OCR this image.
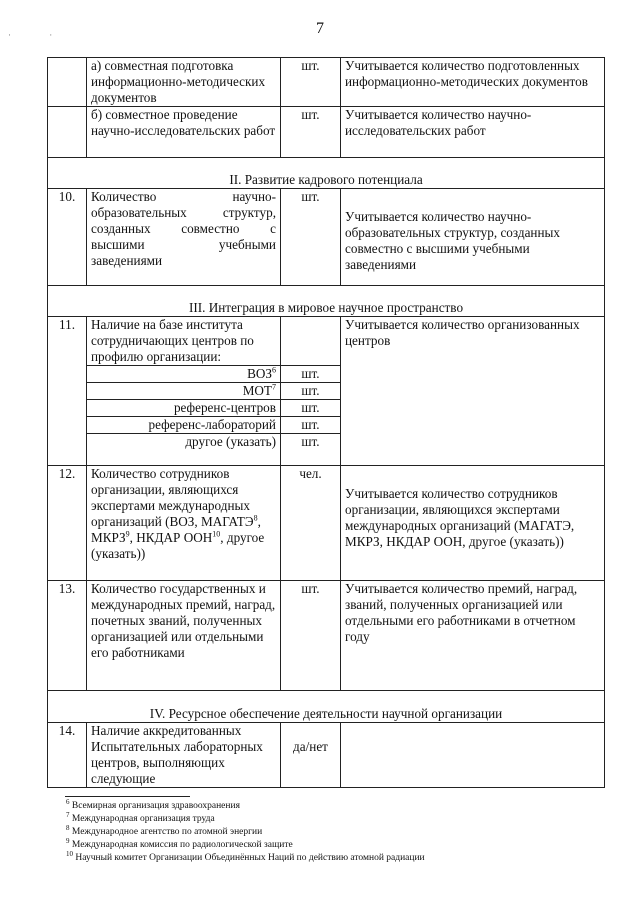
7
· ·
	а) совместная подготовка информационно-методических документов	шт.	Учитывается количество подготовленных информационно-методических документов
	б) совместное проведение научно-исследовательских работ	шт.	Учитывается количество научно-исследовательских работ
II. Развитие кадрового потенциала			
10.	Количество научно-образовательных структур, созданных совместно с высшими учебными заведениями	шт.	Учитывается количество научно-образовательных структур, созданных совместно с высшими учебными заведениями
III. Интеграция в мировое научное пространство			
11.	Наличие на базе института сотрудничающих центров по профилю организации:		Учитывается количество организованных центров
	ВОЗ$^6$	шт.	
	МОТ$^7$	шт.	
	референс-центров	шт.	
	референс-лабораторий	шт.	
	другое (указать)	шт.	
12.	Количество сотрудников организации, являющихся экспертами международных организаций (ВОЗ, МАГАТЭ$^8$, МКРЗ$^9$, НКДАР ООН$^{10}$, другое (указать))	чел.	Учитывается количество сотрудников организации, являющихся экспертами международных организаций (МАГАТЭ, МКРЗ, НКДАР ООН, другое (указать))
13.	Количество государственных и международных премий, наград, почетных званий, полученных организацией или отдельными его работниками	шт.	Учитывается количество премий, наград, званий, полученных организацией или отдельными его работниками в отчетном году
IV. Ресурсное обеспечение деятельности научной организации			
14.	Наличие аккредитованных Испытательных лабораторных центров, выполняющих следующие	да/нет	
$^6$ Всемирная организация здравоохранения
$^7$ Международная организация труда
$^8$ Международное агентство по атомной энергии
$^9$ Международная комиссия по радиологической защите
$^{10}$ Научный комитет Организации Объединённых Наций по действию атомной радиации
